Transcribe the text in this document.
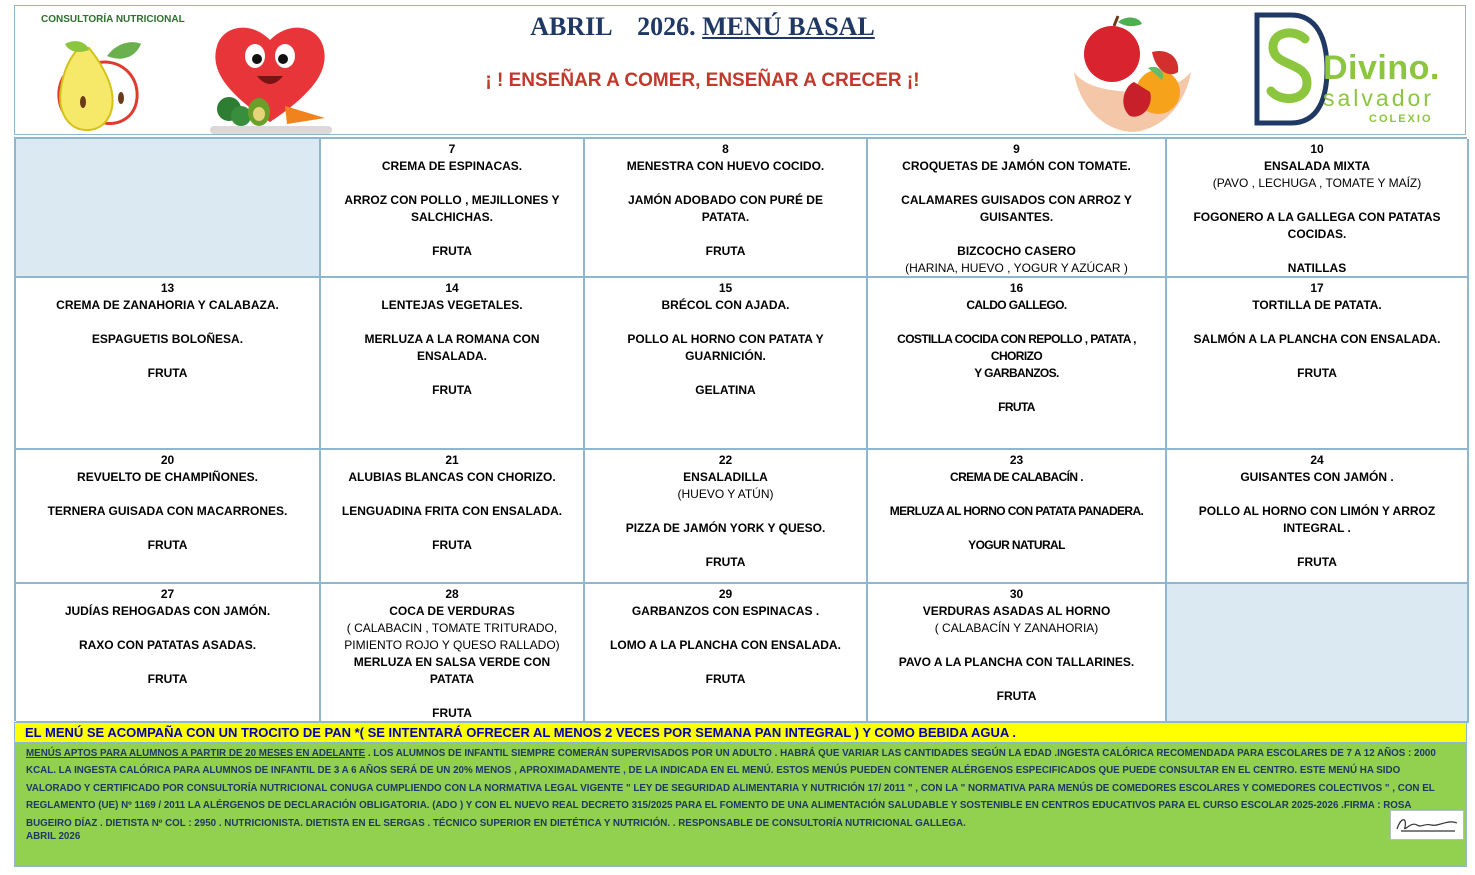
CONSULTORÍA NUTRICIONAL	ABRIL    2026. MENÚ BASAL
¡ ! ENSEÑAR A COMER, ENSEÑAR A CRECER ¡!	Divino.
salvador
COLEXIO
7
CREMA DE ESPINACAS.
ARROZ CON POLLO , MEJILLONES Y
SALCHICHAS.
FRUTA
8
MENESTRA CON HUEVO COCIDO.
JAMÓN ADOBADO CON PURÉ DE
PATATA.
FRUTA
9
CROQUETAS DE JAMÓN CON TOMATE.
CALAMARES GUISADOS CON ARROZ Y
GUISANTES.
BIZCOCHO CASERO
(HARINA, HUEVO , YOGUR Y AZÚCAR )
10
ENSALADA MIXTA
(PAVO , LECHUGA , TOMATE Y MAÍZ)
FOGONERO A LA GALLEGA CON PATATAS
COCIDAS.
NATILLAS
13
CREMA DE ZANAHORIA Y CALABAZA.
ESPAGUETIS BOLOÑESA.
FRUTA
14
LENTEJAS VEGETALES.
MERLUZA A LA ROMANA CON
ENSALADA.
FRUTA
15
BRÉCOL CON AJADA.
POLLO AL HORNO CON PATATA Y
GUARNICIÓN.
GELATINA
16
CALDO GALLEGO.
COSTILLA COCIDA CON REPOLLO , PATATA , CHORIZO
Y GARBANZOS.
FRUTA
17
TORTILLA DE PATATA.
SALMÓN A LA PLANCHA CON ENSALADA.
FRUTA
20
REVUELTO DE CHAMPIÑONES.
TERNERA GUISADA CON MACARRONES.
FRUTA
21
ALUBIAS BLANCAS CON CHORIZO.
LENGUADINA FRITA CON ENSALADA.
FRUTA
22
ENSALADILLA
(HUEVO Y ATÚN)
PIZZA DE JAMÓN YORK Y QUESO.
FRUTA
23
CREMA DE CALABACÍN .
MERLUZA AL HORNO CON PATATA PANADERA.
YOGUR NATURAL
24
GUISANTES CON JAMÓN .
POLLO AL HORNO CON LIMÓN Y ARROZ
INTEGRAL .
FRUTA
27
JUDÍAS REHOGADAS CON JAMÓN.
RAXO CON PATATAS ASADAS.
FRUTA
28
COCA DE VERDURAS
( CALABACIN , TOMATE TRITURADO,
PIMIENTO ROJO Y QUESO RALLADO)
MERLUZA EN SALSA VERDE CON
PATATA
FRUTA
29
GARBANZOS CON ESPINACAS .
LOMO A LA PLANCHA CON ENSALADA.
FRUTA
30
VERDURAS ASADAS AL HORNO
( CALABACÍN Y ZANAHORIA)
PAVO A LA PLANCHA CON TALLARINES.
FRUTA
EL MENÚ SE ACOMPAÑA CON UN TROCITO DE PAN *( SE INTENTARÁ OFRECER AL MENOS 2 VECES POR SEMANA PAN INTEGRAL ) Y COMO BEBIDA AGUA .
MENÚS APTOS PARA ALUMNOS A PARTIR DE 20 MESES EN ADELANTE . LOS ALUMNOS DE INFANTIL SIEMPRE COMERÁN SUPERVISADOS POR UN ADULTO . HABRÁ QUE VARIAR LAS CANTIDADES SEGÚN LA EDAD .INGESTA CALÓRICA RECOMENDADA PARA ESCOLARES DE 7 A 12 AÑOS : 2000 KCAL. LA INGESTA CALÓRICA PARA ALUMNOS DE INFANTIL DE 3 A 6 AÑOS SERÁ DE UN 20% MENOS , APROXIMADAMENTE , DE LA INDICADA EN EL MENÚ. ESTOS MENÚS PUEDEN CONTENER ALÉRGENOS ESPECIFICADOS QUE PUEDE CONSULTAR EN EL CENTRO. ESTE MENÚ HA SIDO VALORADO Y CERTIFICADO POR CONSULTORÍA NUTRICIONAL CONUGA CUMPLIENDO CON LA NORMATIVA LEGAL VIGENTE " LEY DE SEGURIDAD ALIMENTARIA Y NUTRICIÓN 17/ 2011 " , CON LA " NORMATIVA PARA MENÚS DE COMEDORES ESCOLARES Y COMEDORES COLECTIVOS " , CON EL REGLAMENTO (UE) Nº 1169 / 2011 LA ALÉRGENOS DE DECLARACIÓN OBLIGATORIA. (ADO ) Y CON EL NUEVO REAL DECRETO 315/2025 PARA EL FOMENTO DE UNA ALIMENTACIÓN SALUDABLE Y SOSTENIBLE EN CENTROS EDUCATIVOS PARA EL CURSO ESCOLAR 2025-2026 .FIRMA : ROSA BUGEIRO DÍAZ . DIETISTA Nº COL : 2950 . NUTRICIONISTA. DIETISTA EN EL SERGAS . TÉCNICO SUPERIOR EN DIETÉTICA Y NUTRICIÓN. . RESPONSABLE DE CONSULTORÍA NUTRICIONAL GALLEGA.
ABRIL 2026
